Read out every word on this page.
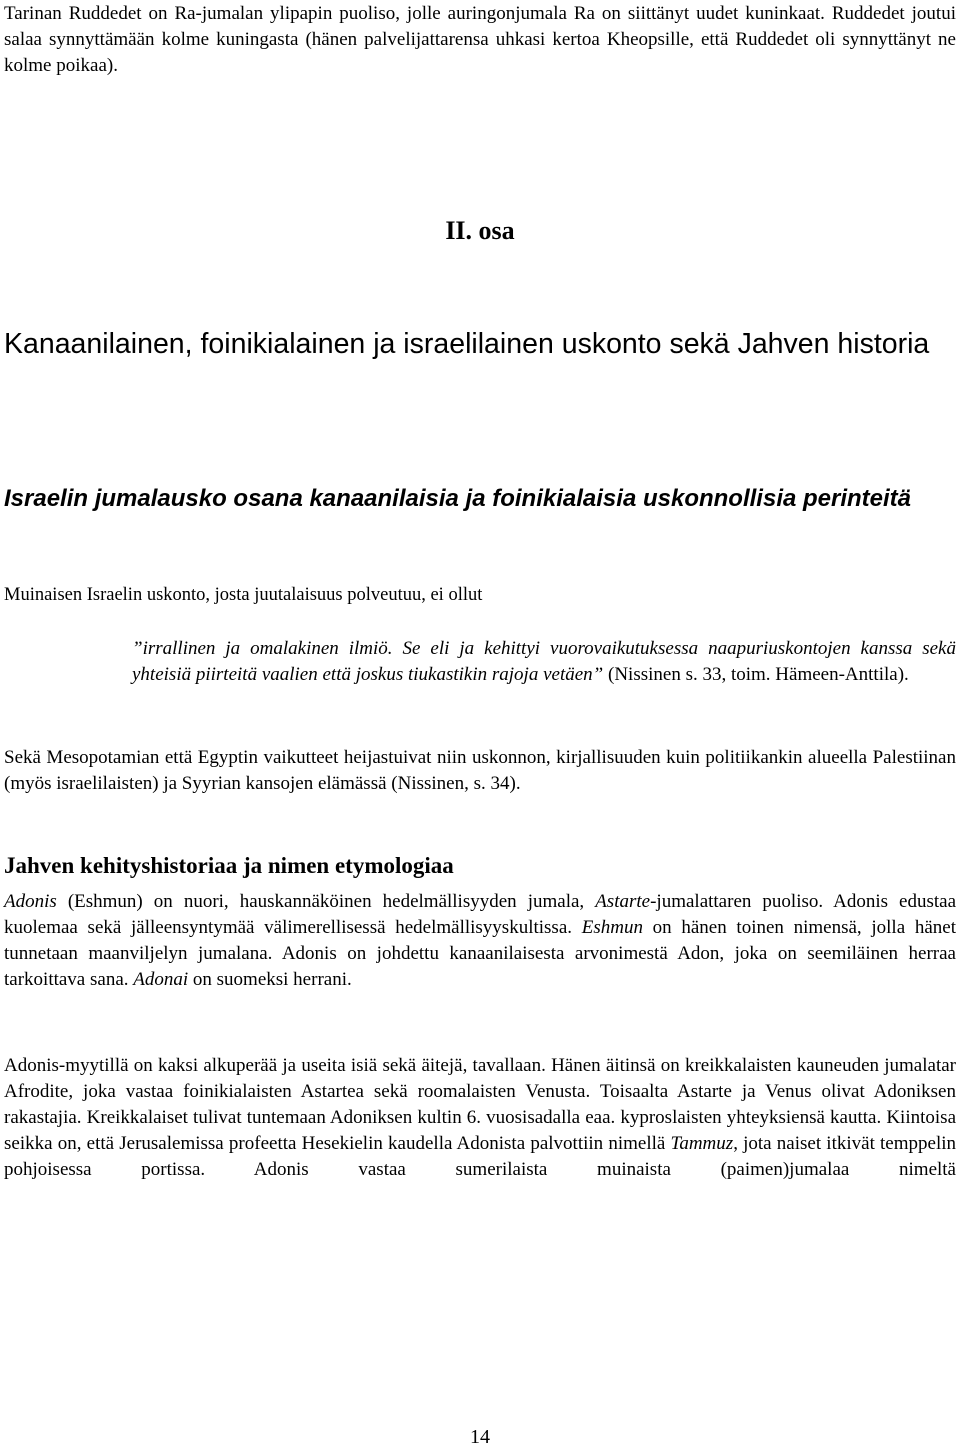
Tarinan Ruddedet on Ra-jumalan ylipapin puoliso, jolle auringonjumala Ra on siittänyt uudet kuninkaat. Ruddedet joutui salaa synnyttämään kolme kuningasta (hänen palvelijattarensa uhkasi kertoa Kheopsille, että Ruddedet oli synnyttänyt ne kolme poikaa).

II. osa
Kanaanilainen, foinikialainen ja israelilainen uskonto sekä Jahven historia
Israelin jumalausko osana kanaanilaisia ja foinikialaisia uskonnollisia perinteitä

Muinaisen Israelin uskonto, josta juutalaisuus polveutuu, ei ollut

”irrallinen ja omalakinen ilmiö. Se eli ja kehittyi vuorovaikutuksessa naapuriuskontojen kanssa sekä yhteisiä piirteitä vaalien että joskus tiukastikin rajoja vetäen” (Nissinen s. 33, toim. Hämeen-Anttila).

Sekä Mesopotamian että Egyptin vaikutteet heijastuivat niin uskonnon, kirjallisuuden kuin politiikankin alueella Palestiinan (myös israelilaisten) ja Syyrian kansojen elämässä (Nissinen, s. 34).

Jahven kehityshistoriaa ja nimen etymologiaa

Adonis (Eshmun) on nuori, hauskannäköinen hedelmällisyyden jumala, Astarte-jumalattaren puoliso. Adonis edustaa kuolemaa sekä jälleensyntymää välimerellisessä hedelmällisyyskultissa. Eshmun on hänen toinen nimensä, jolla hänet tunnetaan maanviljelyn jumalana. Adonis on johdettu kanaanilaisesta arvonimestä Adon, joka on seemiläinen herraa tarkoittava sana. Adonai on suomeksi herrani.

Adonis-myytillä on kaksi alkuperää ja useita isiä sekä äitejä, tavallaan. Hänen äitinsä on kreikkalaisten kauneuden jumalatar Afrodite, joka vastaa foinikialaisten Astartea sekä roomalaisten Venusta. Toisaalta Astarte ja Venus olivat Adoniksen rakastajia. Kreikkalaiset tulivat tuntemaan Adoniksen kultin 6. vuosisadalla eaa. kyproslaisten yhteyksiensä kautta. Kiintoisa seikka on, että Jerusalemissa profeetta Hesekielin kaudella Adonista palvottiin nimellä Tammuz, jota naiset itkivät temppelin pohjoisessa portissa. Adonis vastaa sumerilaista muinaista (paimen)jumalaa nimeltä

14
